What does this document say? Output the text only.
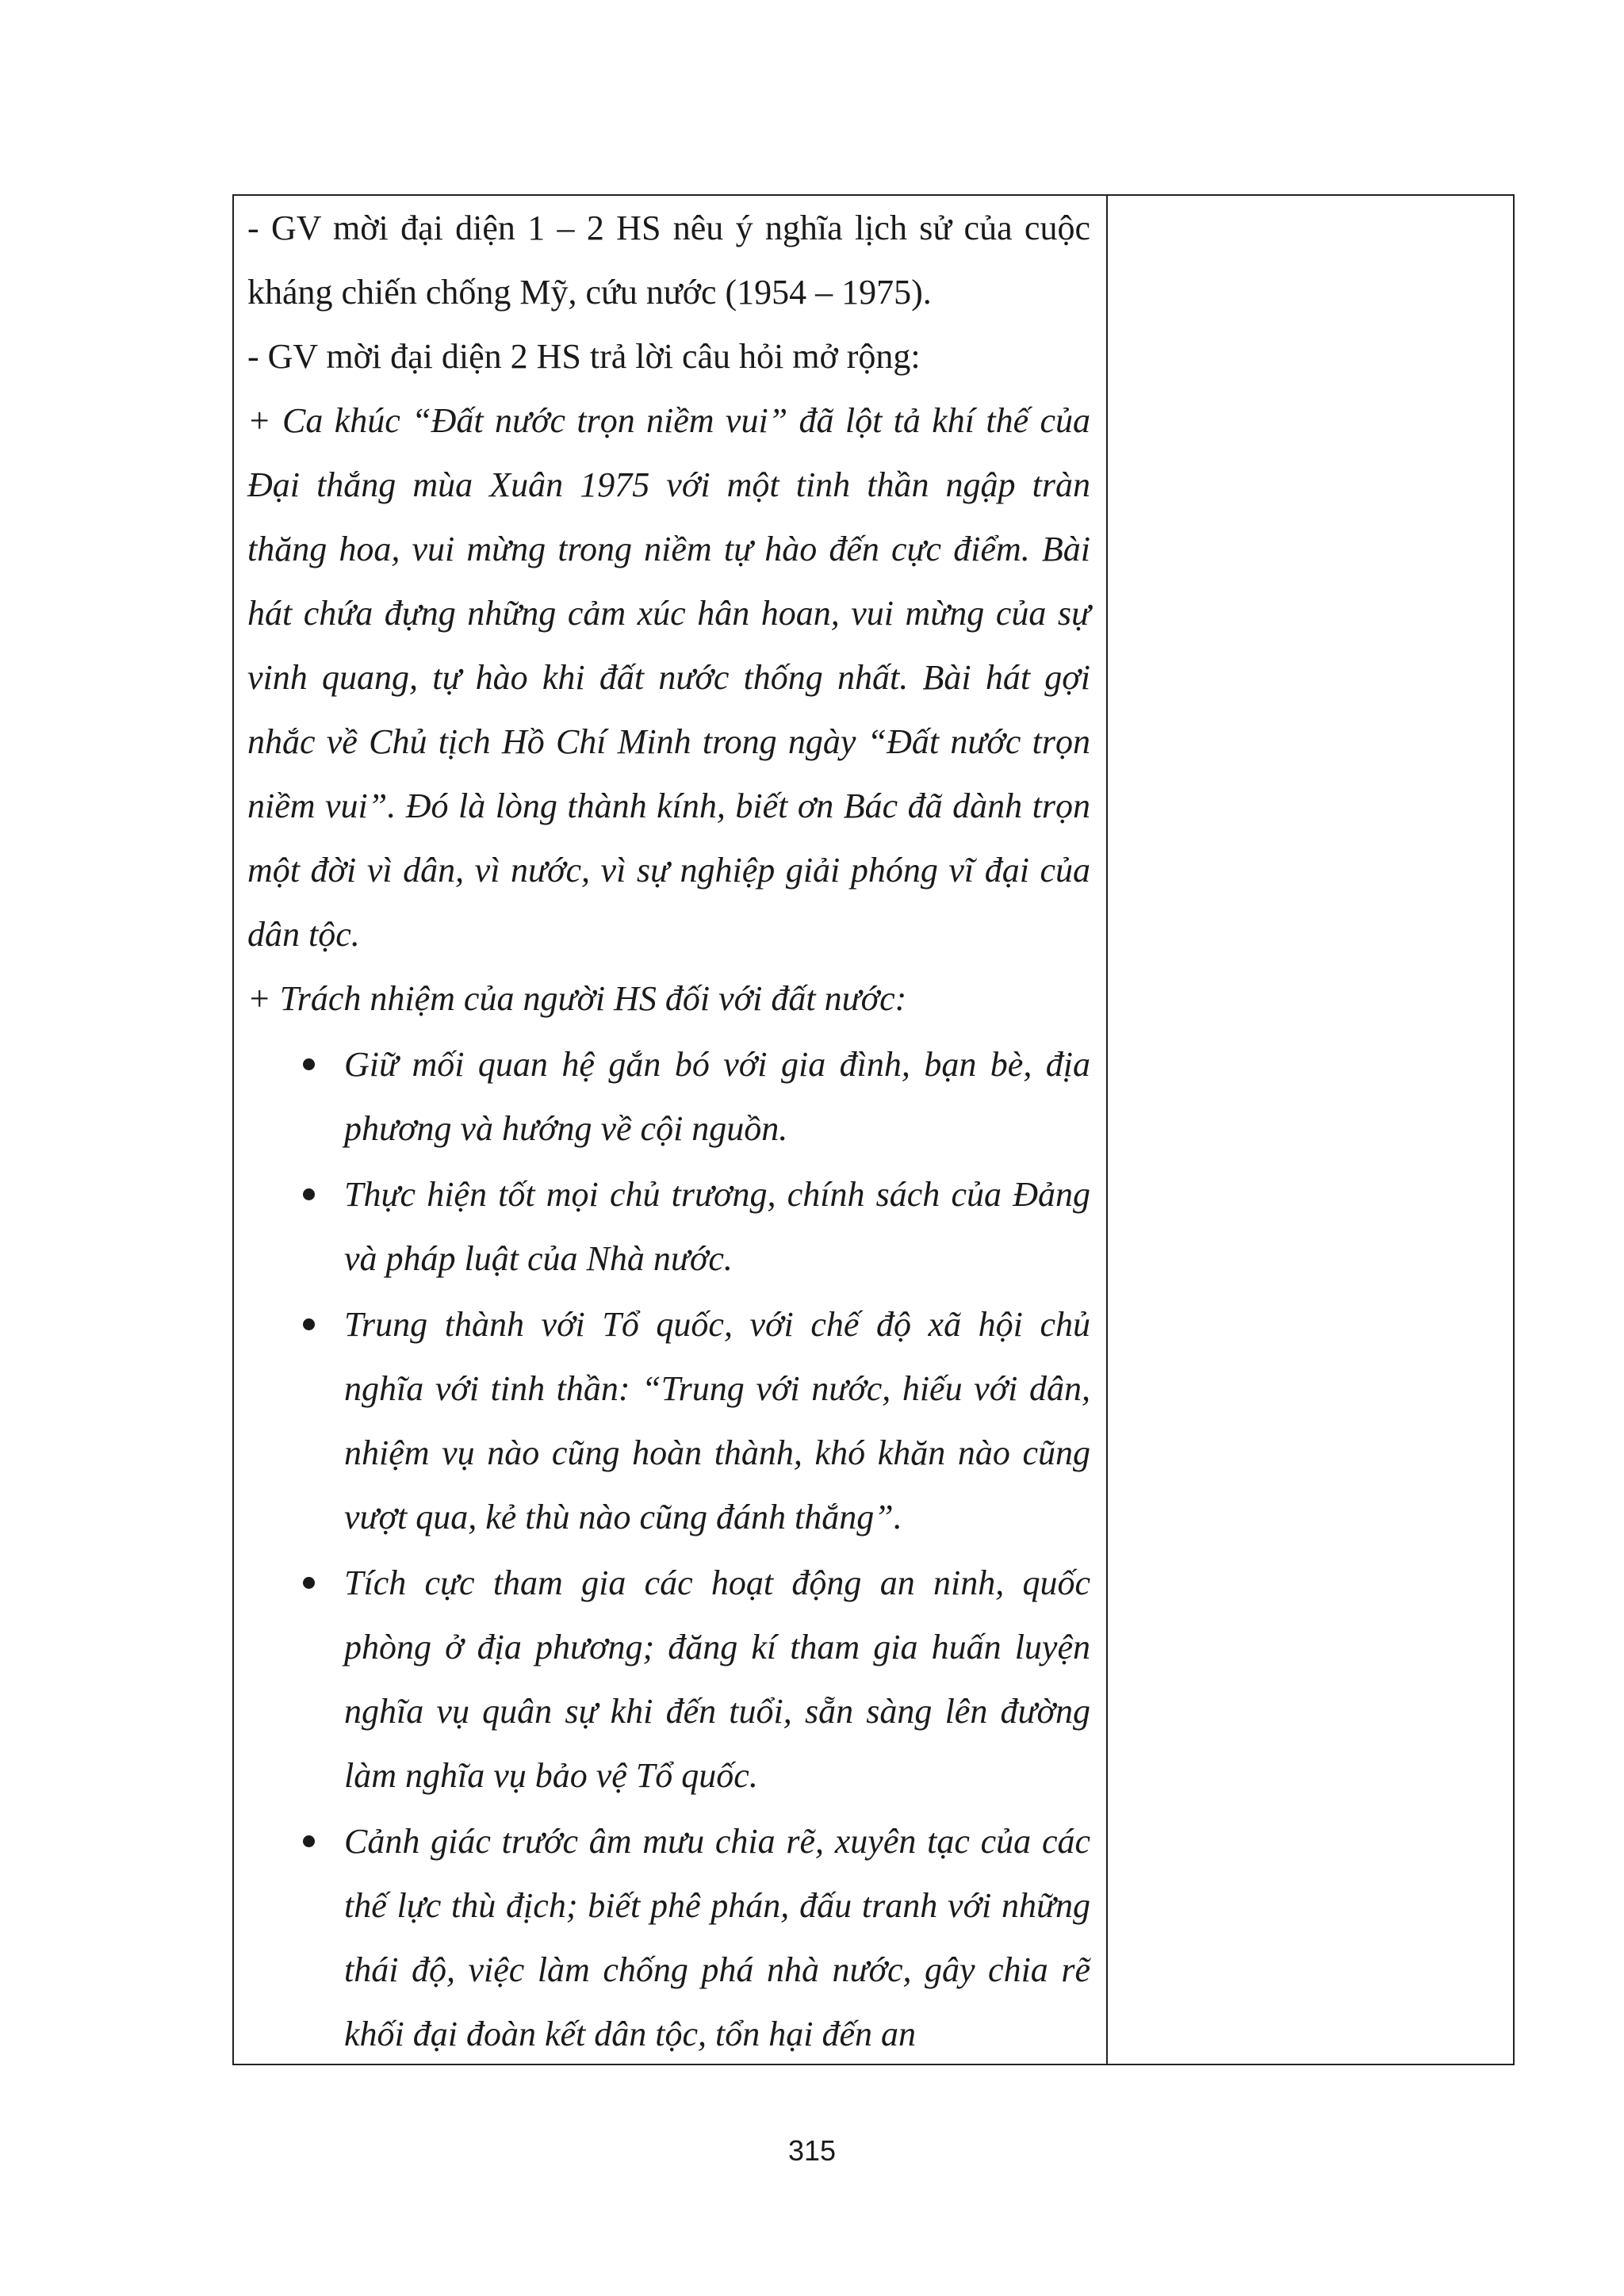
- GV mời đại diện 1 – 2 HS nêu ý nghĩa lịch sử của cuộc kháng chiến chống Mỹ, cứu nước (1954 – 1975).

- GV mời đại diện 2 HS trả lời câu hỏi mở rộng:

+ Ca khúc “Đất nước trọn niềm vui” đã lột tả khí thế của Đại thắng mùa Xuân 1975 với một tinh thần ngập tràn thăng hoa, vui mừng trong niềm tự hào đến cực điểm. Bài hát chứa đựng những cảm xúc hân hoan, vui mừng của sự vinh quang, tự hào khi đất nước thống nhất. Bài hát gợi nhắc về Chủ tịch Hồ Chí Minh trong ngày “Đất nước trọn niềm vui”. Đó là lòng thành kính, biết ơn Bác đã dành trọn một đời vì dân, vì nước, vì sự nghiệp giải phóng vĩ đại của dân tộc.

+ Trách nhiệm của người HS đối với đất nước:

Giữ mối quan hệ gắn bó với gia đình, bạn bè, địa phương và hướng về cội nguồn.
Thực hiện tốt mọi chủ trương, chính sách của Đảng và pháp luật của Nhà nước.
Trung thành với Tổ quốc, với chế độ xã hội chủ nghĩa với tinh thần: “Trung với nước, hiếu với dân, nhiệm vụ nào cũng hoàn thành, khó khăn nào cũng vượt qua, kẻ thù nào cũng đánh thắng”.
Tích cực tham gia các hoạt động an ninh, quốc phòng ở địa phương; đăng kí tham gia huấn luyện nghĩa vụ quân sự khi đến tuổi, sẵn sàng lên đường làm nghĩa vụ bảo vệ Tổ quốc.
Cảnh giác trước âm mưu chia rẽ, xuyên tạc của các thế lực thù địch; biết phê phán, đấu tranh với những thái độ, việc làm chống phá nhà nước, gây chia rẽ khối đại đoàn kết dân tộc, tổn hại đến an
315
